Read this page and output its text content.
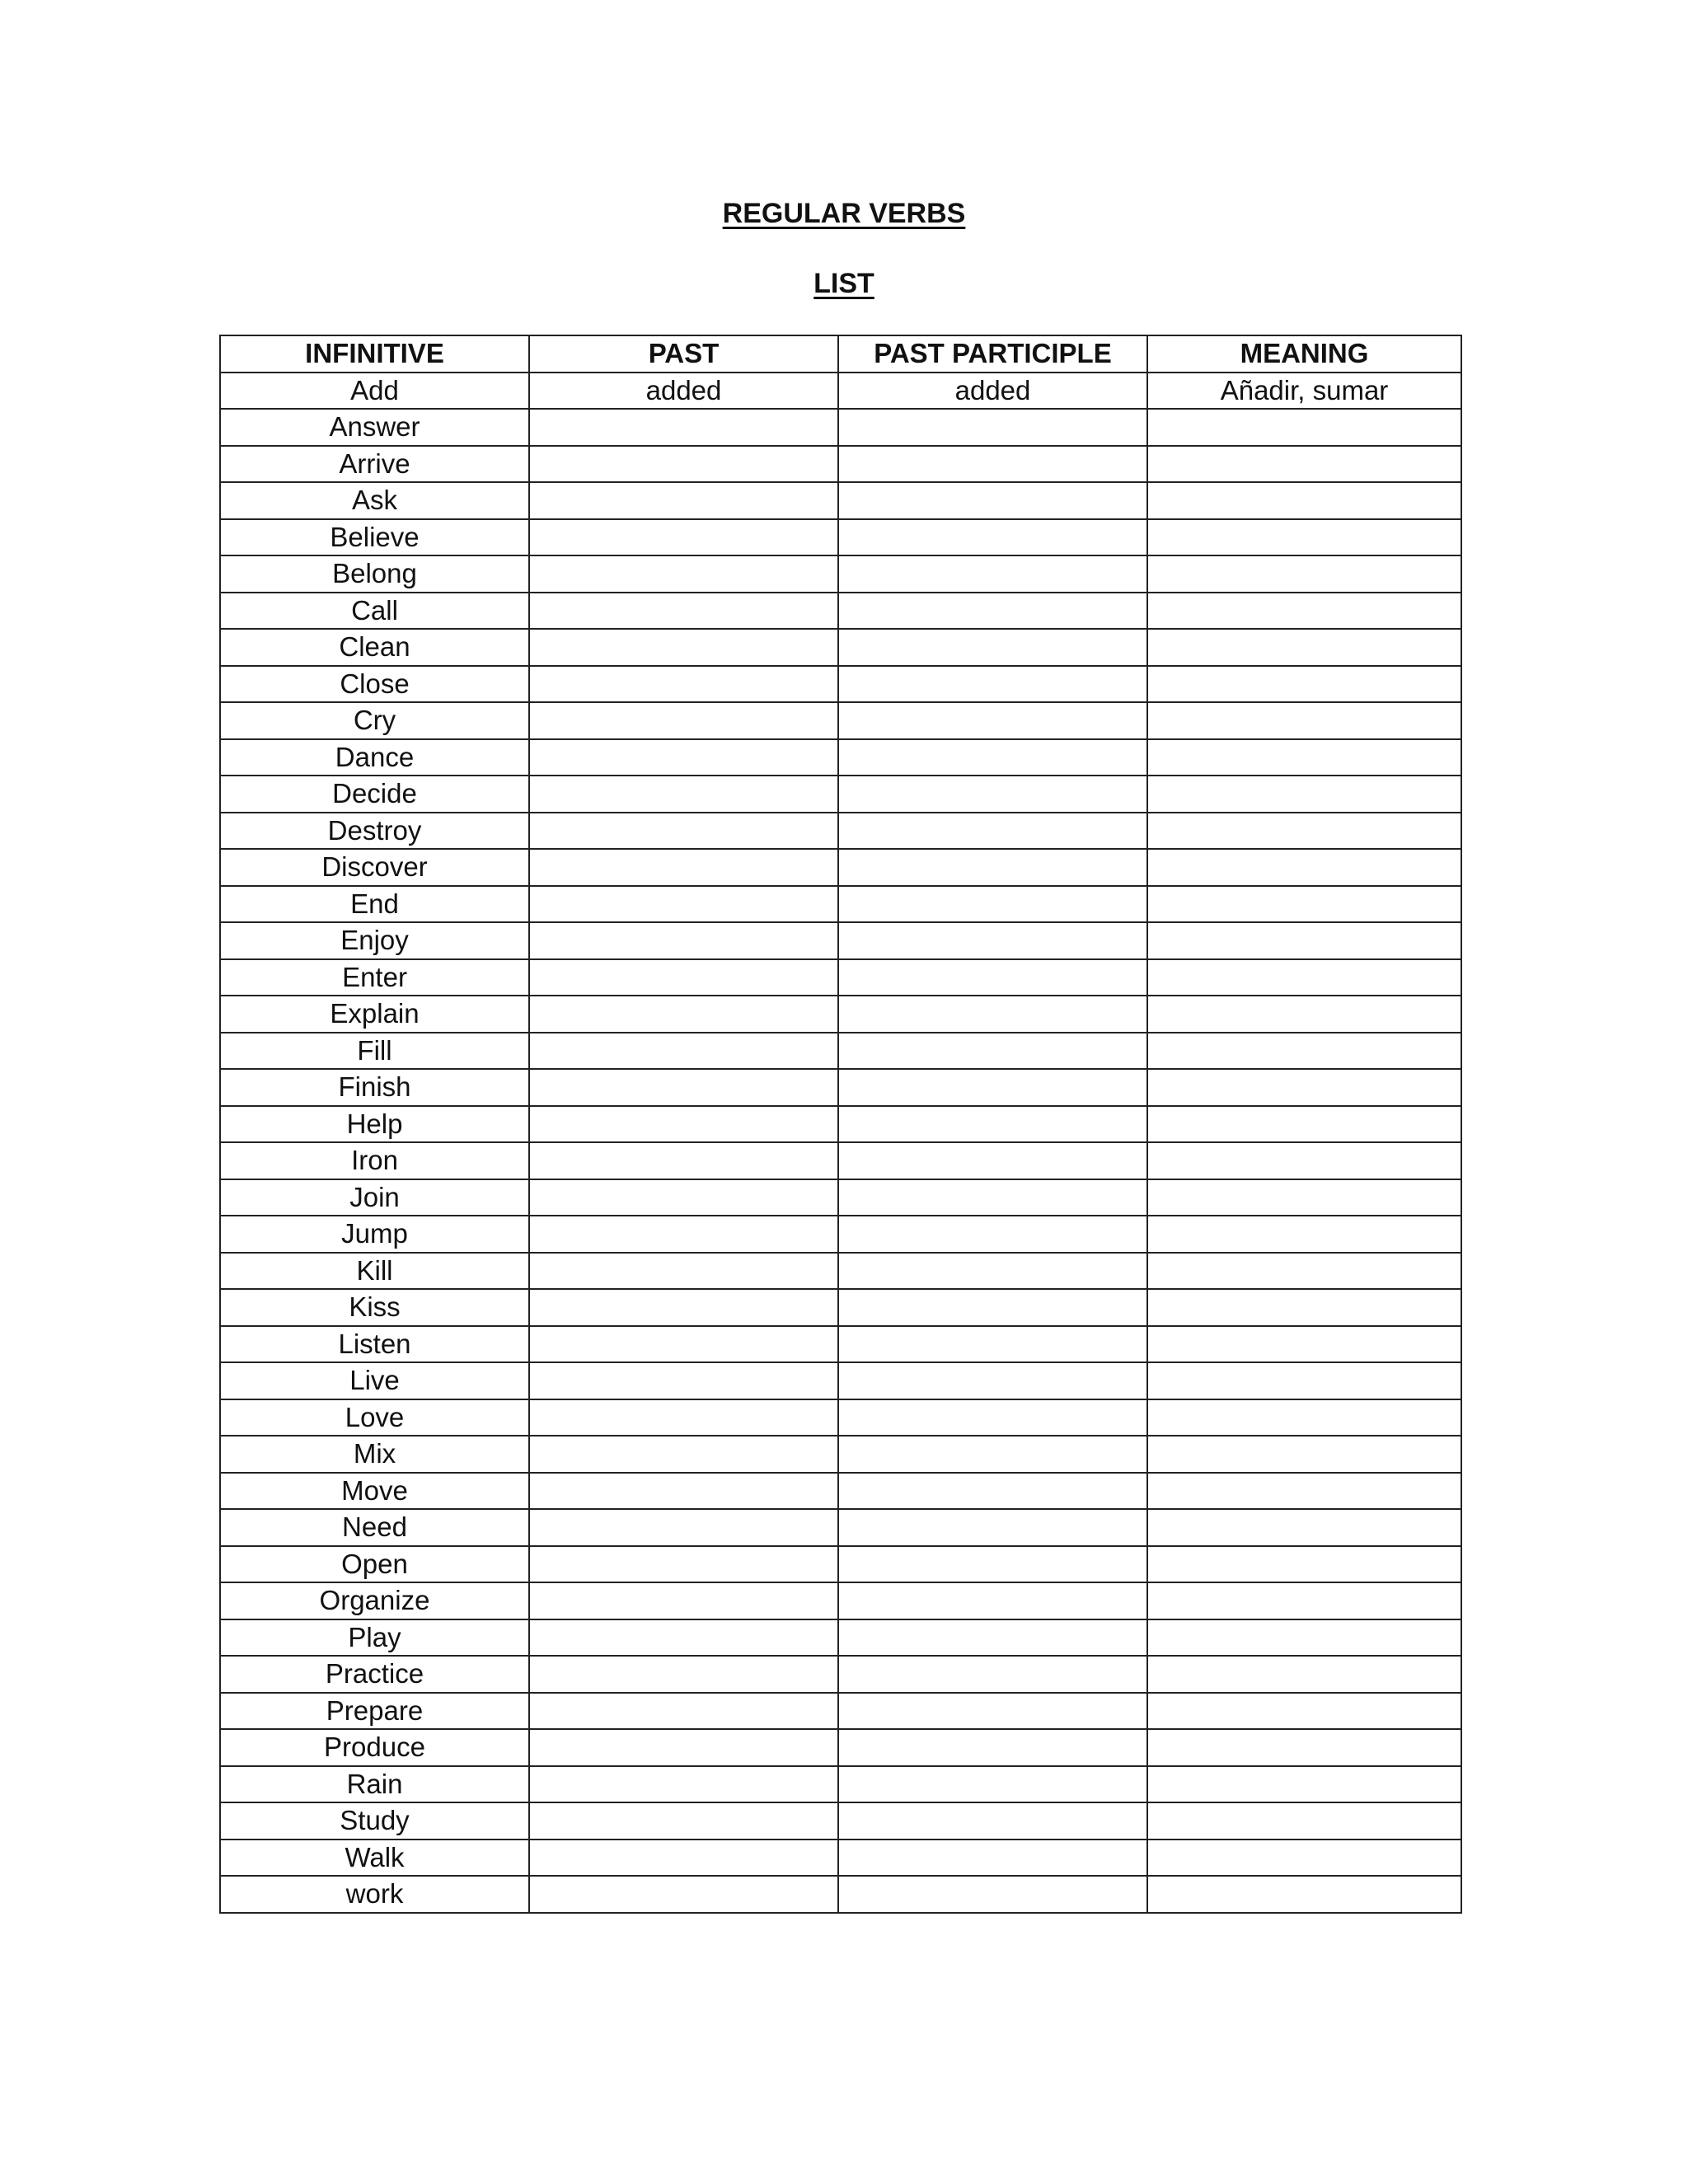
REGULAR VERBS
LIST
INFINITIVE	PAST	PAST PARTICIPLE	MEANING
Add	added	added	Añadir, sumar
Answer			
Arrive			
Ask			
Believe			
Belong			
Call			
Clean			
Close			
Cry			
Dance			
Decide			
Destroy			
Discover			
End			
Enjoy			
Enter			
Explain			
Fill			
Finish			
Help			
Iron			
Join			
Jump			
Kill			
Kiss			
Listen			
Live			
Love			
Mix			
Move			
Need			
Open			
Organize			
Play			
Practice			
Prepare			
Produce			
Rain			
Study			
Walk			
work			
